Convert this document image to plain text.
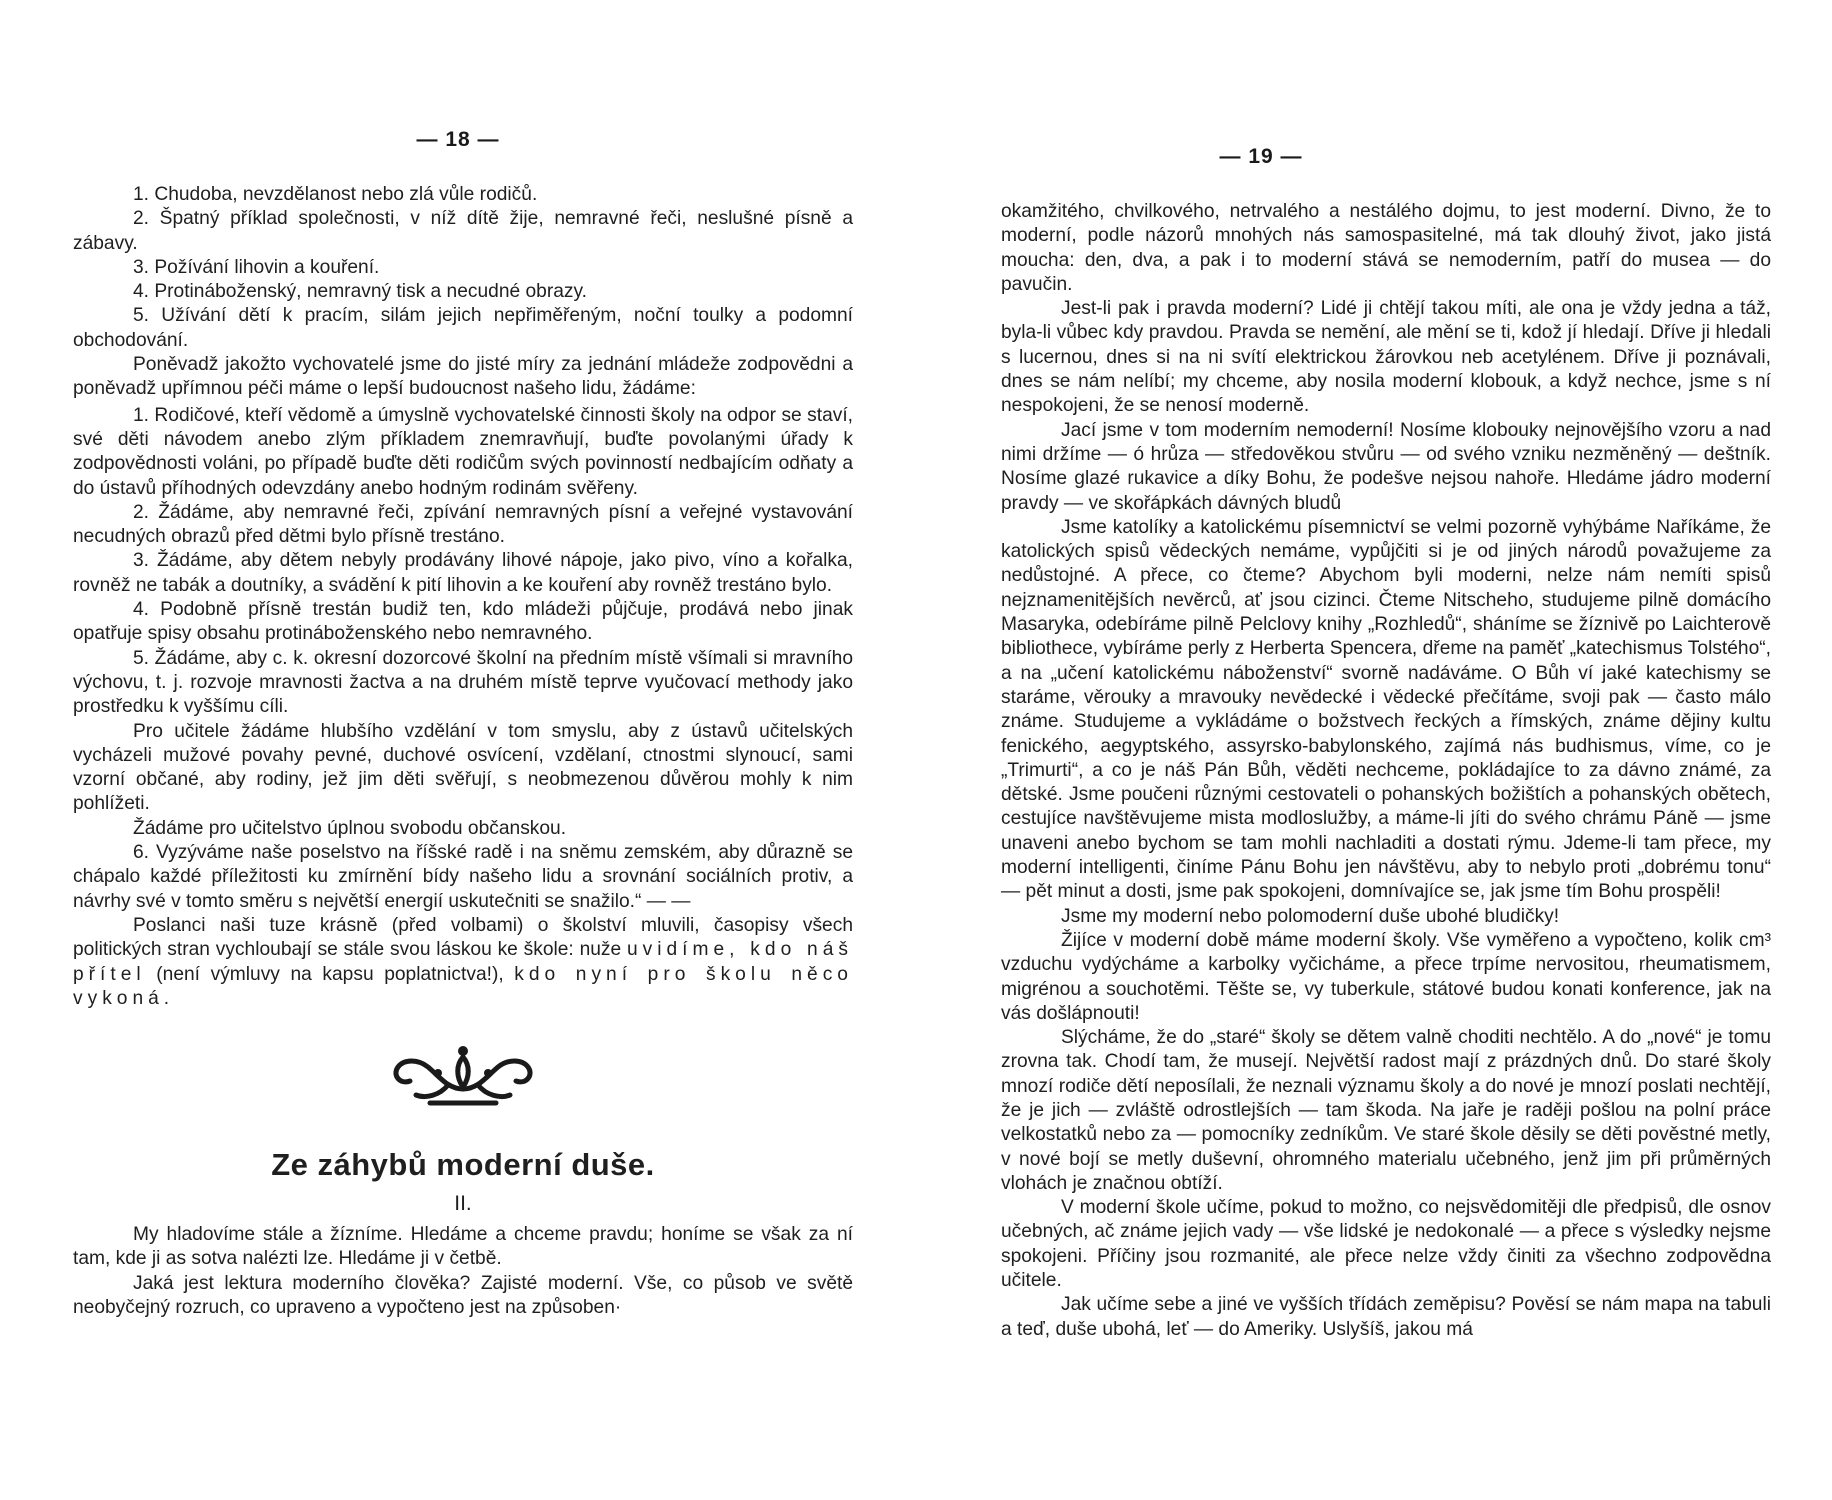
— 18 —

1. Chudoba, nevzdělanost nebo zlá vůle rodičů.

2. Špatný příklad společnosti, v níž dítě žije, nemravné řeči, neslušné písně a zábavy.

3. Požívání lihovin a kouření.

4. Protináboženský, nemravný tisk a necudné obrazy.

5. Užívání dětí k pracím, silám jejich nepřiměřeným, noční toulky a podomní obchodování.

Poněvadž jakožto vychovatelé jsme do jisté míry za jednání mládeže zodpovědni a poněvadž upřímnou péči máme o lepší budoucnost našeho lidu, žádáme:

1. Rodičové, kteří vědomě a úmyslně vychovatelské činnosti školy na odpor se staví, své děti návodem anebo zlým příkladem znemravňují, buďte povolanými úřady k zodpovědnosti voláni, po případě buďte děti rodičům svých povinností nedbajícím odňaty a do ústavů příhodných odevzdány anebo hodným rodinám svěřeny.

2. Žádáme, aby nemravné řeči, zpívání nemravných písní a veřejné vystavování necudných obrazů před dětmi bylo přísně trestáno.

3. Žádáme, aby dětem nebyly prodávány lihové nápoje, jako pivo, víno a kořalka, rovněž ne tabák a doutníky, a svádění k pití lihovin a ke kouření aby rovněž trestáno bylo.

4. Podobně přísně trestán budiž ten, kdo mládeži půjčuje, prodává nebo jinak opatřuje spisy obsahu protináboženského nebo nemravného.

5. Žádáme, aby c. k. okresní dozorcové školní na předním místě všímali si mravního výchovu, t. j. rozvoje mravnosti žactva a na druhém místě teprve vyučovací methody jako prostředku k vyššímu cíli.

Pro učitele žádáme hlubšího vzdělání v tom smyslu, aby z ústavů učitelských vycházeli mužové povahy pevné, duchové osvícení, vzdělaní, ctnostmi slynoucí, sami vzorní občané, aby rodiny, jež jim děti svěřují, s neobmezenou důvěrou mohly k nim pohlížeti.

Žádáme pro učitelstvo úplnou svobodu občanskou.

6. Vyzýváme naše poselstvo na říšské radě i na sněmu zemském, aby důrazně se chápalo každé příležitosti ku zmírnění bídy našeho lidu a srovnání sociálních protiv, a návrhy své v tomto směru s největší energií uskutečniti se snažilo.“ — —

Poslanci naši tuze krásně (před volbami) o školství mluvili, časopisy všech politických stran vychloubají se stále svou láskou ke škole: nuže uvidíme, kdo náš přítel (není výmluvy na kapsu poplatnictva!), kdo nyní pro školu něco vykoná.

Ze záhybů moderní duše.
II.

My hladovíme stále a žízníme. Hledáme a chceme pravdu; honíme se však za ní tam, kde ji as sotva nalézti lze. Hledáme ji v četbě.

Jaká jest lektura moderního člověka? Zajisté moderní. Vše, co působ ve světě neobyčejný rozruch, co upraveno a vypočteno jest na způsoben·

— 19 —

okamžitého, chvilkového, netrvalého a nestálého dojmu, to jest moderní. Divno, že to moderní, podle názorů mnohých nás samospasitelné, má tak dlouhý život, jako jistá moucha: den, dva, a pak i to moderní stává se nemoderním, patří do musea — do pavučin.

Jest-li pak i pravda moderní? Lidé ji chtějí takou míti, ale ona je vždy jedna a táž, byla-li vůbec kdy pravdou. Pravda se nemění, ale mění se ti, kdož jí hledají. Dříve ji hledali s lucernou, dnes si na ni svítí elektrickou žárovkou neb acetylénem. Dříve ji poznávali, dnes se nám nelíbí; my chceme, aby nosila moderní klobouk, a když nechce, jsme s ní nespokojeni, že se nenosí moderně.

Jací jsme v tom moderním nemoderní! Nosíme klobouky nejnovějšího vzoru a nad nimi držíme — ó hrůza — středověkou stvůru — od svého vzniku nezměněný — deštník. Nosíme glazé rukavice a díky Bohu, že podešve nejsou nahoře. Hledáme jádro moderní pravdy — ve skořápkách dávných bludů

Jsme katolíky a katolickému písemnictví se velmi pozorně vyhýbáme Naříkáme, že katolických spisů vědeckých nemáme, vypůjčiti si je od jiných národů považujeme za nedůstojné. A přece, co čteme? Abychom byli moderni, nelze nám nemíti spisů nejznamenitějších nevěrců, ať jsou cizinci. Čteme Nitscheho, studujeme pilně domácího Masaryka, odebíráme pilně Pelclovy knihy „Rozhledů“, sháníme se žíznivě po Laichterově bibliothece, vybíráme perly z Herberta Spencera, dřeme na paměť „katechismus Tolstého“, a na „učení katolickému náboženství“ svorně nadáváme. O Bůh ví jaké katechismy se staráme, věrouky a mravouky nevědecké i vědecké přečítáme, svoji pak — často málo známe. Studujeme a vykládáme o božstvech řeckých a římských, známe dějiny kultu fenického, aegyptského, assyrsko-babylonského, zajímá nás budhismus, víme, co je „Trimurti“, a co je náš Pán Bůh, věděti nechceme, pokládajíce to za dávno známé, za dětské. Jsme poučeni různými cestovateli o pohanských božištích a pohanských obětech, cestujíce navštěvujeme mista modloslužby, a máme-li jíti do svého chrámu Páně — jsme unaveni anebo bychom se tam mohli nachladiti a dostati rýmu. Jdeme-li tam přece, my moderní intelligenti, činíme Pánu Bohu jen návštěvu, aby to nebylo proti „dobrému tonu“ — pět minut a dosti, jsme pak spokojeni, domnívajíce se, jak jsme tím Bohu prospěli!

Jsme my moderní nebo polomoderní duše ubohé bludičky!

Žijíce v moderní době máme moderní školy. Vše vyměřeno a vypočteno, kolik cm³ vzduchu vydýcháme a karbolky vyčicháme, a přece trpíme nervositou, rheumatismem, migrénou a souchotěmi. Těšte se, vy tuberkule, státové budou konati konference, jak na vás došlápnouti!

Slýcháme, že do „staré“ školy se dětem valně choditi nechtělo. A do „nové“ je tomu zrovna tak. Chodí tam, že musejí. Největší radost mají z prázdných dnů. Do staré školy mnozí rodiče dětí neposílali, že neznali významu školy a do nové je mnozí poslati nechtějí, že je jich — zvláště odrostlejších — tam škoda. Na jaře je raději pošlou na polní práce velkostatků nebo za — pomocníky zedníkům. Ve staré škole děsily se děti pověstné metly, v nové bojí se metly duševní, ohromného materialu učebného, jenž jim při průměrných vlohách je značnou obtíží.

V moderní škole učíme, pokud to možno, co nejsvědomitěji dle předpisů, dle osnov učebných, ač známe jejich vady — vše lidské je nedokonalé — a přece s výsledky nejsme spokojeni. Příčiny jsou rozmanité, ale přece nelze vždy činiti za všechno zodpovědna učitele.

Jak učíme sebe a jiné ve vyšších třídách zeměpisu? Pověsí se nám mapa na tabuli a teď, duše ubohá, leť — do Ameriky. Uslyšíš, jakou má
